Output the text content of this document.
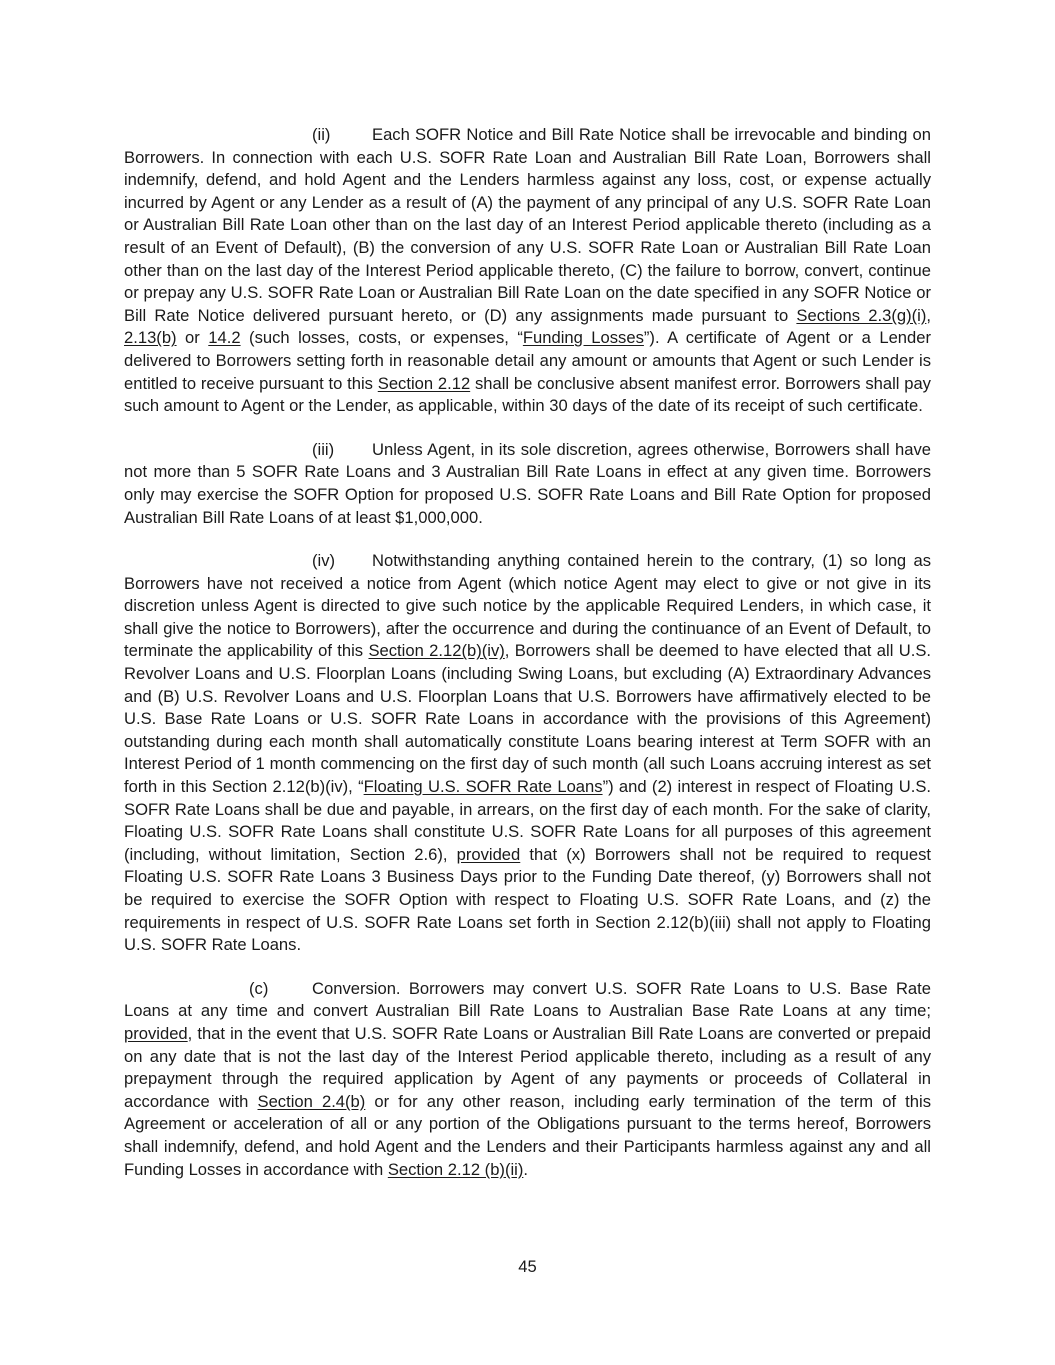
(ii)	Each SOFR Notice and Bill Rate Notice shall be irrevocable and binding on Borrowers. In connection with each U.S. SOFR Rate Loan and Australian Bill Rate Loan, Borrowers shall indemnify, defend, and hold Agent and the Lenders harmless against any loss, cost, or expense actually incurred by Agent or any Lender as a result of (A) the payment of any principal of any U.S. SOFR Rate Loan or Australian Bill Rate Loan other than on the last day of an Interest Period applicable thereto (including as a result of an Event of Default), (B) the conversion of any U.S. SOFR Rate Loan or Australian Bill Rate Loan other than on the last day of the Interest Period applicable thereto, (C) the failure to borrow, convert, continue or prepay any U.S. SOFR Rate Loan or Australian Bill Rate Loan on the date specified in any SOFR Notice or Bill Rate Notice delivered pursuant hereto, or (D) any assignments made pursuant to Sections 2.3(g)(i), 2.13(b) or 14.2 (such losses, costs, or expenses, “Funding Losses”). A certificate of Agent or a Lender delivered to Borrowers setting forth in reasonable detail any amount or amounts that Agent or such Lender is entitled to receive pursuant to this Section 2.12 shall be conclusive absent manifest error. Borrowers shall pay such amount to Agent or the Lender, as applicable, within 30 days of the date of its receipt of such certificate.

(iii) Unless Agent, in its sole discretion, agrees otherwise, Borrowers shall have not more than 5 SOFR Rate Loans and 3 Australian Bill Rate Loans in effect at any given time. Borrowers only may exercise the SOFR Option for proposed U.S. SOFR Rate Loans and Bill Rate Option for proposed Australian Bill Rate Loans of at least $1,000,000.

(iv) Notwithstanding anything contained herein to the contrary, (1) so long as Borrowers have not received a notice from Agent (which notice Agent may elect to give or not give in its discretion unless Agent is directed to give such notice by the applicable Required Lenders, in which case, it shall give the notice to Borrowers), after the occurrence and during the continuance of an Event of Default, to terminate the applicability of this Section 2.12(b)(iv), Borrowers shall be deemed to have elected that all U.S. Revolver Loans and U.S. Floorplan Loans (including Swing Loans, but excluding (A) Extraordinary Advances and (B) U.S. Revolver Loans and U.S. Floorplan Loans that U.S. Borrowers have affirmatively elected to be U.S. Base Rate Loans or U.S. SOFR Rate Loans in accordance with the provisions of this Agreement) outstanding during each month shall automatically constitute Loans bearing interest at Term SOFR with an Interest Period of 1 month commencing on the first day of such month (all such Loans accruing interest as set forth in this Section 2.12(b)(iv), “Floating U.S. SOFR Rate Loans”) and (2) interest in respect of Floating U.S. SOFR Rate Loans shall be due and payable, in arrears, on the first day of each month. For the sake of clarity, Floating U.S. SOFR Rate Loans shall constitute U.S. SOFR Rate Loans for all purposes of this agreement (including, without limitation, Section 2.6), provided that (x) Borrowers shall not be required to request Floating U.S. SOFR Rate Loans 3 Business Days prior to the Funding Date thereof, (y) Borrowers shall not be required to exercise the SOFR Option with respect to Floating U.S. SOFR Rate Loans, and (z) the requirements in respect of U.S. SOFR Rate Loans set forth in Section 2.12(b)(iii) shall not apply to Floating U.S. SOFR Rate Loans.

(c)	Conversion. Borrowers may convert U.S. SOFR Rate Loans to U.S. Base Rate Loans at any time and convert Australian Bill Rate Loans to Australian Base Rate Loans at any time; provided, that in the event that U.S. SOFR Rate Loans or Australian Bill Rate Loans are converted or prepaid on any date that is not the last day of the Interest Period applicable thereto, including as a result of any prepayment through the required application by Agent of any payments or proceeds of Collateral in accordance with Section 2.4(b) or for any other reason, including early termination of the term of this Agreement or acceleration of all or any portion of the Obligations pursuant to the terms hereof, Borrowers shall indemnify, defend, and hold Agent and the Lenders and their Participants harmless against any and all Funding Losses in accordance with Section 2.12 (b)(ii).

45
